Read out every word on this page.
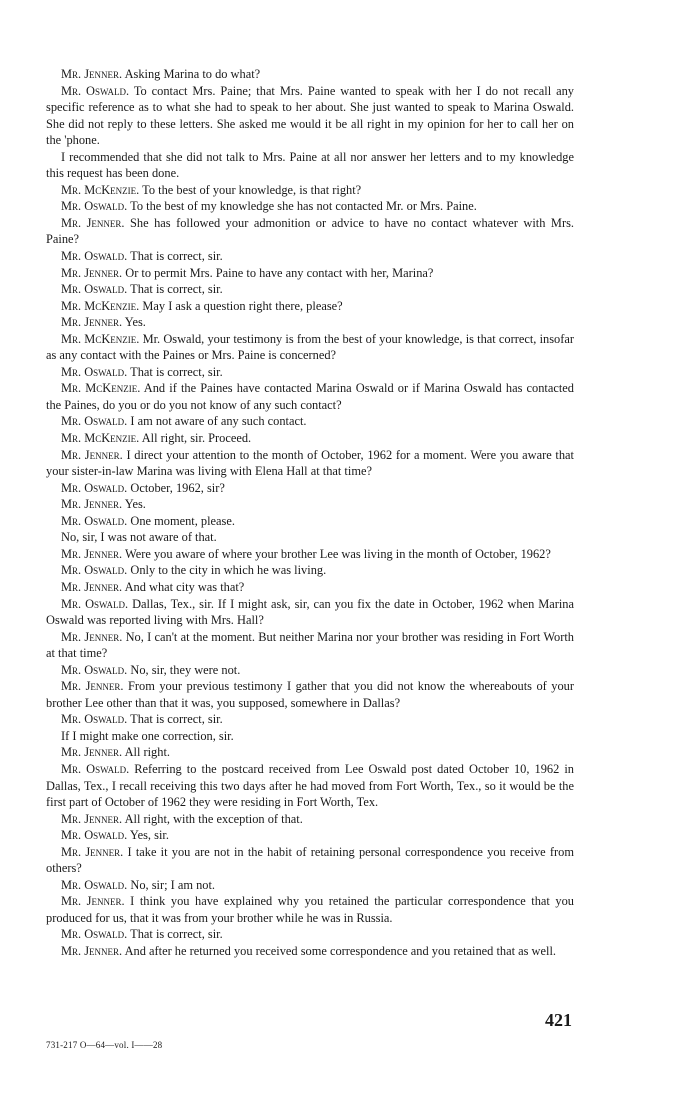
Mr. Jenner. Asking Marina to do what?

Mr. Oswald. To contact Mrs. Paine; that Mrs. Paine wanted to speak with her I do not recall any specific reference as to what she had to speak to her about. She just wanted to speak to Marina Oswald. She did not reply to these letters. She asked me would it be all right in my opinion for her to call her on the 'phone.

I recommended that she did not talk to Mrs. Paine at all nor answer her letters and to my knowledge this request has been done.

Mr. McKenzie. To the best of your knowledge, is that right?

Mr. Oswald. To the best of my knowledge she has not contacted Mr. or Mrs. Paine.

Mr. Jenner. She has followed your admonition or advice to have no contact whatever with Mrs. Paine?

Mr. Oswald. That is correct, sir.

Mr. Jenner. Or to permit Mrs. Paine to have any contact with her, Marina?

Mr. Oswald. That is correct, sir.

Mr. McKenzie. May I ask a question right there, please?

Mr. Jenner. Yes.

Mr. McKenzie. Mr. Oswald, your testimony is from the best of your knowledge, is that correct, insofar as any contact with the Paines or Mrs. Paine is concerned?

Mr. Oswald. That is correct, sir.

Mr. McKenzie. And if the Paines have contacted Marina Oswald or if Marina Oswald has contacted the Paines, do you or do you not know of any such contact?

Mr. Oswald. I am not aware of any such contact.

Mr. McKenzie. All right, sir. Proceed.

Mr. Jenner. I direct your attention to the month of October, 1962 for a moment. Were you aware that your sister-in-law Marina was living with Elena Hall at that time?

Mr. Oswald. October, 1962, sir?

Mr. Jenner. Yes.

Mr. Oswald. One moment, please.

No, sir, I was not aware of that.

Mr. Jenner. Were you aware of where your brother Lee was living in the month of October, 1962?

Mr. Oswald. Only to the city in which he was living.

Mr. Jenner. And what city was that?

Mr. Oswald. Dallas, Tex., sir. If I might ask, sir, can you fix the date in October, 1962 when Marina Oswald was reported living with Mrs. Hall?

Mr. Jenner. No, I can't at the moment. But neither Marina nor your brother was residing in Fort Worth at that time?

Mr. Oswald. No, sir, they were not.

Mr. Jenner. From your previous testimony I gather that you did not know the whereabouts of your brother Lee other than that it was, you supposed, somewhere in Dallas?

Mr. Oswald. That is correct, sir.

If I might make one correction, sir.

Mr. Jenner. All right.

Mr. Oswald. Referring to the postcard received from Lee Oswald post dated October 10, 1962 in Dallas, Tex., I recall receiving this two days after he had moved from Fort Worth, Tex., so it would be the first part of October of 1962 they were residing in Fort Worth, Tex.

Mr. Jenner. All right, with the exception of that.

Mr. Oswald. Yes, sir.

Mr. Jenner. I take it you are not in the habit of retaining personal correspondence you receive from others?

Mr. Oswald. No, sir; I am not.

Mr. Jenner. I think you have explained why you retained the particular correspondence that you produced for us, that it was from your brother while he was in Russia.

Mr. Oswald. That is correct, sir.

Mr. Jenner. And after he returned you received some correspondence and you retained that as well.

421
731-217 O—64—vol. I——28
